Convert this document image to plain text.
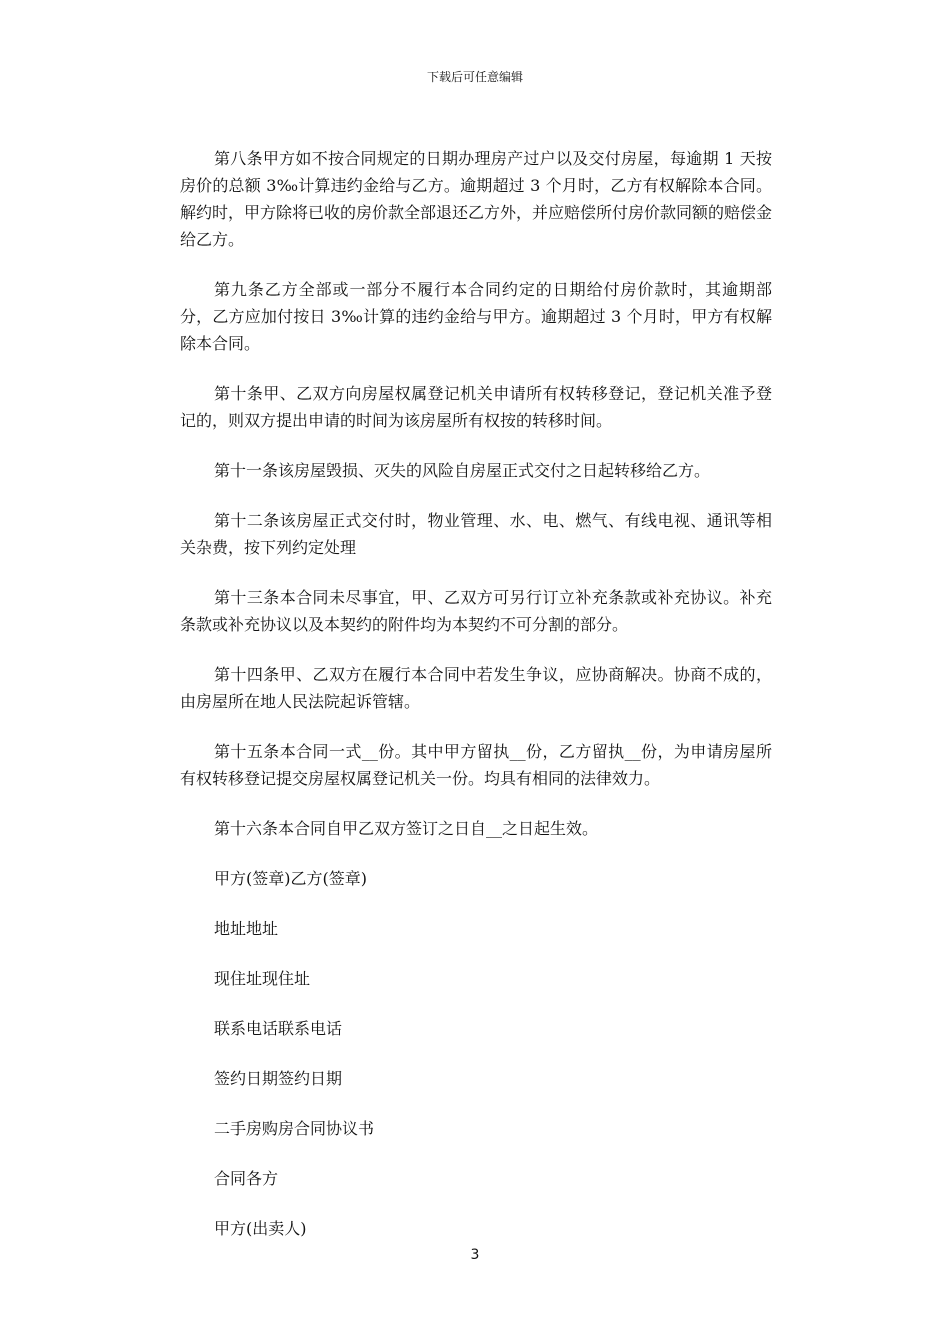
下载后可任意编辑

第八条甲方如不按合同规定的日期办理房产过户以及交付房屋，每逾期 1 天按房价的总额 3‰计算违约金给与乙方。逾期超过 3 个月时，乙方有权解除本合同。解约时，甲方除将已收的房价款全部退还乙方外，并应赔偿所付房价款同额的赔偿金给乙方。

第九条乙方全部或一部分不履行本合同约定的日期给付房价款时，其逾期部分，乙方应加付按日 3‰计算的违约金给与甲方。逾期超过 3 个月时，甲方有权解除本合同。

第十条甲、乙双方向房屋权属登记机关申请所有权转移登记，登记机关准予登记的，则双方提出申请的时间为该房屋所有权按的转移时间。

第十一条该房屋毁损、灭失的风险自房屋正式交付之日起转移给乙方。

第十二条该房屋正式交付时，物业管理、水、电、燃气、有线电视、通讯等相关杂费，按下列约定处理

第十三条本合同未尽事宜，甲、乙双方可另行订立补充条款或补充协议。补充条款或补充协议以及本契约的附件均为本契约不可分割的部分。

第十四条甲、乙双方在履行本合同中若发生争议，应协商解决。协商不成的，由房屋所在地人民法院起诉管辖。

第十五条本合同一式__份。其中甲方留执__份，乙方留执__份，为申请房屋所有权转移登记提交房屋权属登记机关一份。均具有相同的法律效力。

第十六条本合同自甲乙双方签订之日自__之日起生效。

甲方(签章)乙方(签章)

地址地址

现住址现住址

联系电话联系电话

签约日期签约日期

二手房购房合同协议书

合同各方

甲方(出卖人)

3
